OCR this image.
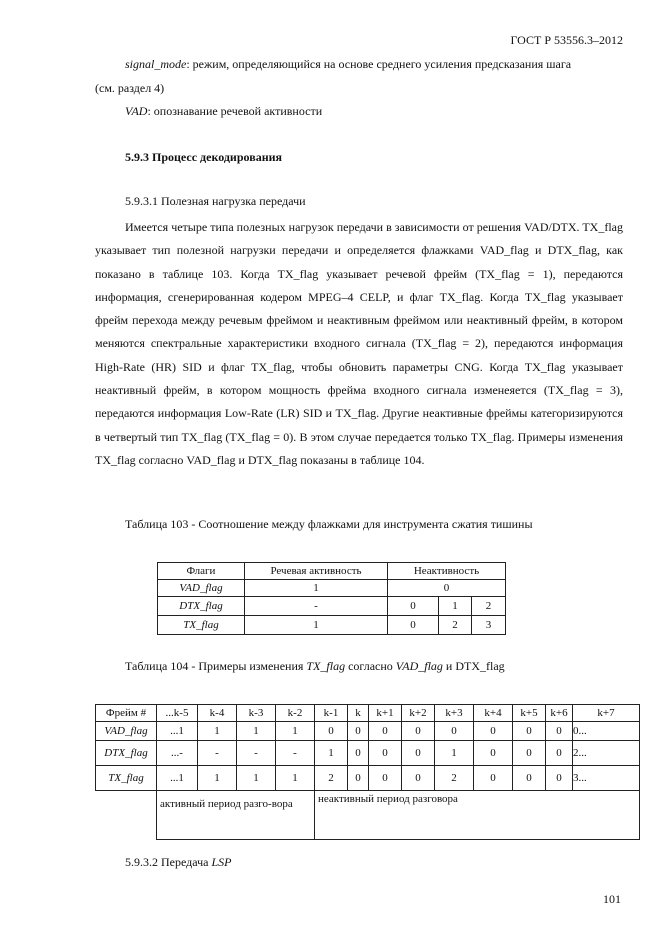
ГОСТ Р 53556.3–2012
signal_mode: режим, определяющийся на основе среднего усиления предсказания шага
(см. раздел 4)
VAD: опознавание речевой активности
5.9.3 Процесс декодирования
5.9.3.1 Полезная нагрузка передачи
Имеется четыре типа полезных нагрузок передачи в зависимости от решения VAD/DTX. TX_flag указывает тип полезной нагрузки передачи и определяется флажками VAD_flag и DTX_flag, как показано в таблице 103. Когда TX_flag указывает речевой фрейм (TX_flag = 1), передаются информация, сгенерированная кодером MPEG–4 CELP, и флаг TX_flag. Когда TX_flag указывает фрейм перехода между речевым фреймом и неактивным фреймом или неактивный фрейм, в котором меняются спектральные характеристики входного сигнала (TX_flag = 2), передаются информация High-Rate (HR) SID и флаг TX_flag, чтобы обновить параметры CNG. Когда TX_flag указывает неактивный фрейм, в котором мощность фрейма входного сигнала изменеяется (TX_flag = 3), передаются информация Low-Rate (LR) SID и TX_flag. Другие неактивные фреймы категоризируются в четвертый тип TX_flag (TX_flag = 0). В этом случае передается только TX_flag. Примеры изменения TX_flag согласно VAD_flag и DTX_flag показаны в таблице 104.
Таблица 103 - Соотношение между флажками для инструмента сжатия тишины
Флаги	Речевая активность	Неактивность		
VAD_flag	1	0		
DTX_flag	-	0	1	2
TX_flag	1	0	2	3
Таблица 104 - Примеры изменения TX_flag согласно VAD_flag и DTX_flag
Фрейм #	...k-5	k-4	k-3	k-2	k-1	k	k+1	k+2	k+3	k+4	k+5	k+6	k+7
VAD_flag	...1	1	1	1	0	0	0	0	0	0	0	0	0...
DTX_flag	...-	-	-	-	1	0	0	0	1	0	0	0	2...
TX_flag	...1	1	1	1	2	0	0	0	2	0	0	0	3...
	активный период разго-вора				неактивный период разговора								
5.9.3.2 Передача LSP
101
